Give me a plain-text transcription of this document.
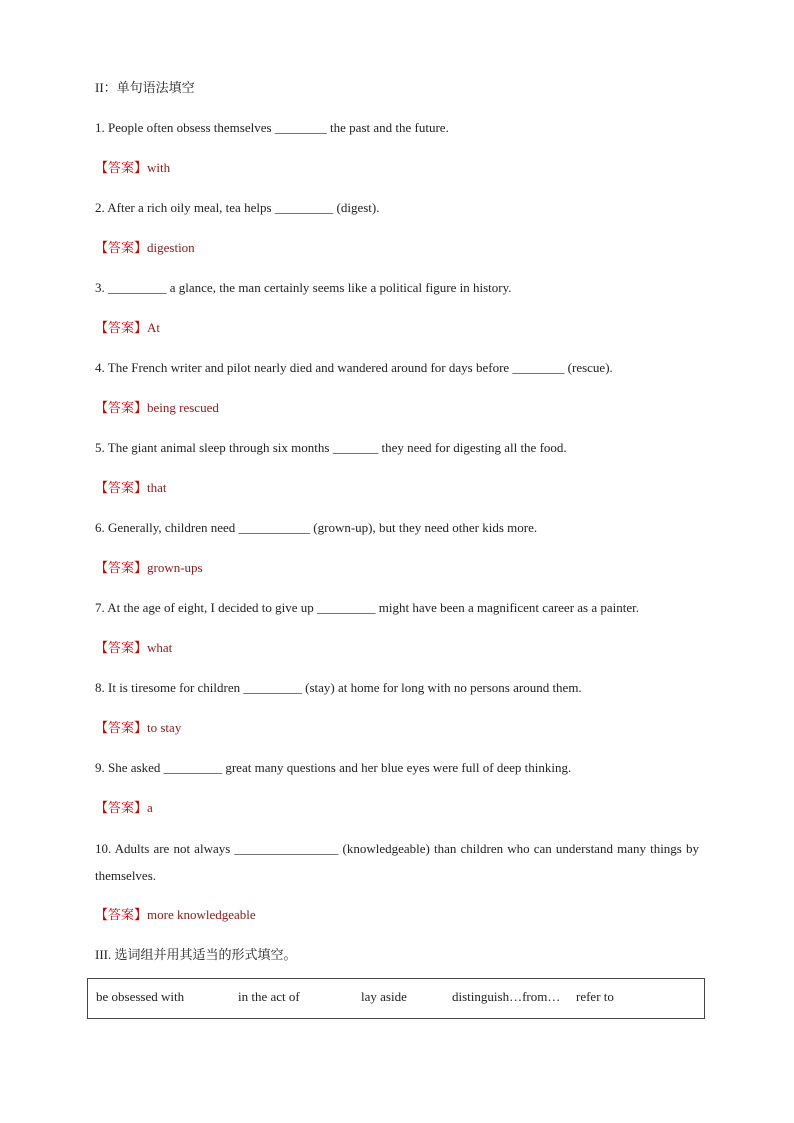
II：单句语法填空
1. People often obsess themselves ________ the past and the future.
【答案】with
2. After a rich oily meal, tea helps _________ (digest).
【答案】digestion
3. _________ a glance, the man certainly seems like a political figure in history.
【答案】At
4. The French writer and pilot nearly died and wandered around for days before ________ (rescue).
【答案】being rescued
5. The giant animal sleep through six months _______ they need for digesting all the food.
【答案】that
6. Generally, children need ___________ (grown-up), but they need other kids more.
【答案】grown-ups
7. At the age of eight, I decided to give up _________ might have been a magnificent career as a painter.
【答案】what
8. It is tiresome for children _________ (stay) at home for long with no persons around them.
【答案】to stay
9. She asked _________ great many questions and her blue eyes were full of deep thinking.
【答案】a
10. Adults are not always ________________ (knowledgeable) than children who can understand many things by themselves.
【答案】more knowledgeable
III. 选词组并用其适当的形式填空。
be obsessed with	in the act of	lay aside	distinguish…from… refer to
